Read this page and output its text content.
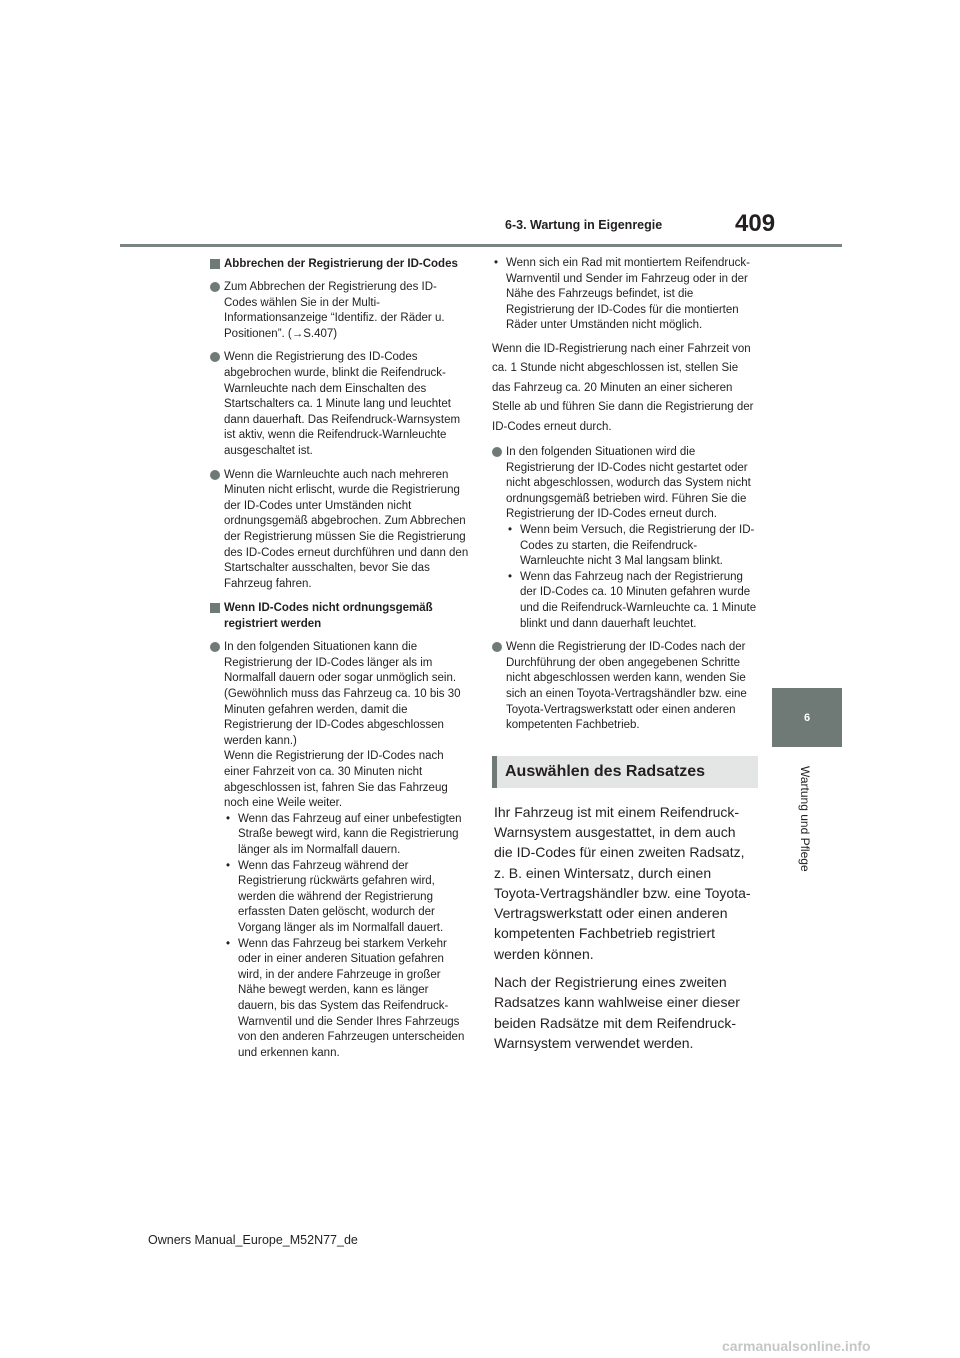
6-3. Wartung in Eigenregie	409
6
Wartung und Pflege
Abbrechen der Registrierung der ID-Codes

Zum Abbrechen der Registrierung des ID-Codes wählen Sie in der Multi-Informationsanzeige “Identifiz. der Räder u. Positionen”. (→S.407)

Wenn die Registrierung des ID-Codes abgebrochen wurde, blinkt die Reifendruck-Warnleuchte nach dem Einschalten des Startschalters ca. 1 Minute lang und leuchtet dann dauerhaft. Das Reifendruck-Warnsystem ist aktiv, wenn die Reifendruck-Warnleuchte ausgeschaltet ist.

Wenn die Warnleuchte auch nach mehreren Minuten nicht erlischt, wurde die Registrierung der ID-Codes unter Umständen nicht ordnungsgemäß abgebrochen. Zum Abbrechen der Registrierung müssen Sie die Registrierung des ID-Codes erneut durchführen und dann den Startschalter ausschalten, bevor Sie das Fahrzeug fahren.

Wenn ID-Codes nicht ordnungsgemäß registriert werden

In den folgenden Situationen kann die Registrierung der ID-Codes länger als im Normalfall dauern oder sogar unmöglich sein. (Gewöhnlich muss das Fahrzeug ca. 10 bis 30 Minuten gefahren werden, damit die Registrierung der ID-Codes abgeschlossen werden kann.)

Wenn die Registrierung der ID-Codes nach einer Fahrzeit von ca. 30 Minuten nicht abgeschlossen ist, fahren Sie das Fahrzeug noch eine Weile weiter.

• Wenn das Fahrzeug auf einer unbefestigten Straße bewegt wird, kann die Registrierung länger als im Normalfall dauern.
• Wenn das Fahrzeug während der Registrierung rückwärts gefahren wird, werden die während der Registrierung erfassten Daten gelöscht, wodurch der Vorgang länger als im Normalfall dauert.
• Wenn das Fahrzeug bei starkem Verkehr oder in einer anderen Situation gefahren wird, in der andere Fahrzeuge in großer Nähe bewegt werden, kann es länger dauern, bis das System das Reifendruck-Warnventil und die Sender Ihres Fahrzeugs von den anderen Fahrzeugen unterscheiden und erkennen kann.
• Wenn sich ein Rad mit montiertem Reifendruck-Warnventil und Sender im Fahrzeug oder in der Nähe des Fahrzeugs befindet, ist die Registrierung der ID-Codes für die montierten Räder unter Umständen nicht möglich.

Wenn die ID-Registrierung nach einer Fahrzeit von ca. 1 Stunde nicht abgeschlossen ist, stellen Sie das Fahrzeug ca. 20 Minuten an einer sicheren Stelle ab und führen Sie dann die Registrierung der ID-Codes erneut durch.

In den folgenden Situationen wird die Registrierung der ID-Codes nicht gestartet oder nicht abgeschlossen, wodurch das System nicht ordnungsgemäß betrieben wird. Führen Sie die Registrierung der ID-Codes erneut durch.

• Wenn beim Versuch, die Registrierung der ID-Codes zu starten, die Reifendruck-Warnleuchte nicht 3 Mal langsam blinkt.
• Wenn das Fahrzeug nach der Registrierung der ID-Codes ca. 10 Minuten gefahren wurde und die Reifendruck-Warnleuchte ca. 1 Minute blinkt und dann dauerhaft leuchtet.

Wenn die Registrierung der ID-Codes nach der Durchführung der oben angegebenen Schritte nicht abgeschlossen werden kann, wenden Sie sich an einen Toyota-Vertragshändler bzw. eine Toyota-Vertragswerkstatt oder einen anderen kompetenten Fachbetrieb.

Auswählen des Radsatzes

Ihr Fahrzeug ist mit einem Reifendruck-Warnsystem ausgestattet, in dem auch die ID-Codes für einen zweiten Radsatz, z. B. einen Wintersatz, durch einen Toyota-Vertragshändler bzw. eine Toyota-Vertragswerkstatt oder einen anderen kompetenten Fachbetrieb registriert werden können.

Nach der Registrierung eines zweiten Radsatzes kann wahlweise einer dieser beiden Radsätze mit dem Reifendruck-Warnsystem verwendet werden.

Owners Manual_Europe_M52N77_de
carmanualsonline.info
